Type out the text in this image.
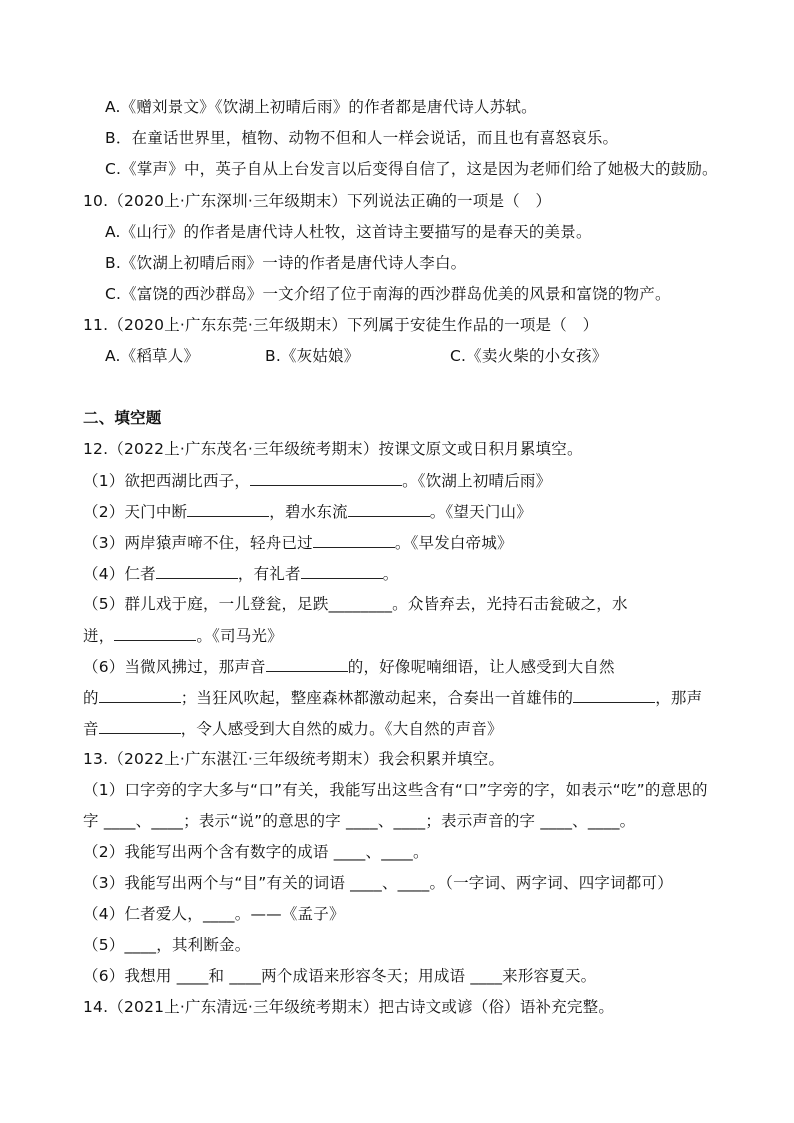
A.《赠刘景文》《饮湖上初晴后雨》的作者都是唐代诗人苏轼。
B．在童话世界里，植物、动物不但和人一样会说话，而且也有喜怒哀乐。
C.《掌声》中，英子自从上台发言以后变得自信了，这是因为老师们给了她极大的鼓励。
10.（2020上·广东深圳·三年级期末）下列说法正确的一项是（　）
A.《山行》的作者是唐代诗人杜牧，这首诗主要描写的是春天的美景。
B.《饮湖上初晴后雨》一诗的作者是唐代诗人李白。
C.《富饶的西沙群岛》一文介绍了位于南海的西沙群岛优美的风景和富饶的物产。
11.（2020上·广东东莞·三年级期末）下列属于安徒生作品的一项是（　）
A.《稻草人》	B.《灰姑娘》	C.《卖火柴的小女孩》
二、填空题
12.（2022上·广东茂名·三年级统考期末）按课文原文或日积月累填空。
（1）欲把西湖比西子，	。《饮湖上初晴后雨》
（2）天门中断	，碧水东流	。《望天门山》
（3）两岸猿声啼不住，轻舟已过	。《早发白帝城》
（4）仁者	，有礼者	。
（5）群儿戏于庭，一儿登瓮，足跌________。众皆弃去，光持石击瓮破之，水
迸，	。《司马光》
（6）当微风拂过，那声音	的，好像呢喃细语，让人感受到大自然
的	；当狂风吹起，整座森林都激动起来，合奏出一首雄伟的	，那声
音	，令人感受到大自然的威力。《大自然的声音》
13.（2022上·广东湛江·三年级统考期末）我会积累并填空。
（1）口字旁的字大多与“口”有关，我能写出这些含有“口”字旁的字，如表示“吃”的意思的
字 ____、____；表示“说”的意思的字 ____、____；表示声音的字 ____、____。
（2）我能写出两个含有数字的成语 ____、____。
（3）我能写出两个与“目”有关的词语 ____、____。（一字词、两字词、四字词都可）
（4）仁者爱人，____。——《孟子》
（5）____，其利断金。
（6）我想用 ____和 ____两个成语来形容冬天；用成语 ____来形容夏天。
14.（2021上·广东清远·三年级统考期末）把古诗文或谚（俗）语补充完整。
